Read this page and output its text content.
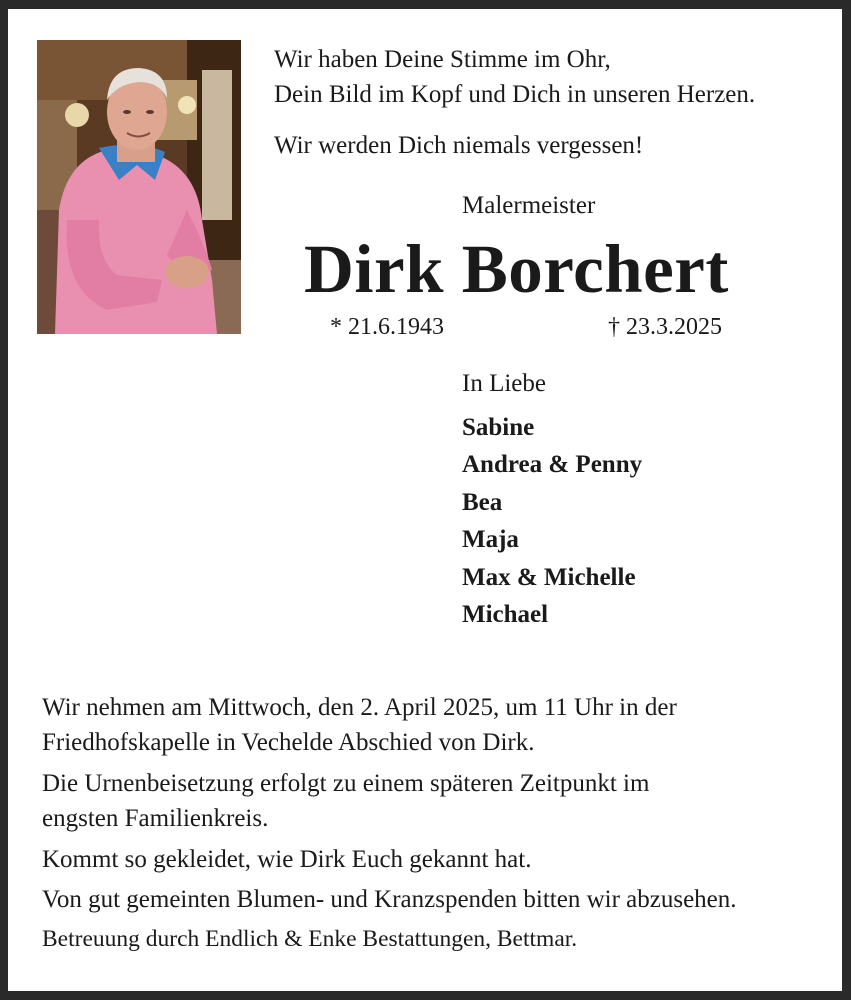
Wir haben Deine Stimme im Ohr,
Dein Bild im Kopf und Dich in unseren Herzen.
Wir werden Dich niemals vergessen!
Malermeister
Dirk Borchert
* 21.6.1943	† 23.3.2025
In Liebe
Sabine
Andrea & Penny
Bea
Maja
Max & Michelle
Michael

Wir nehmen am Mittwoch, den 2. April 2025, um 11 Uhr in der
Friedhofskapelle in Vechelde Abschied von Dirk.

Die Urnenbeisetzung erfolgt zu einem späteren Zeitpunkt im
engsten Familienkreis.

Kommt so gekleidet, wie Dirk Euch gekannt hat.

Von gut gemeinten Blumen- und Kranzspenden bitten wir abzusehen.

Betreuung durch Endlich & Enke Bestattungen, Bettmar.
